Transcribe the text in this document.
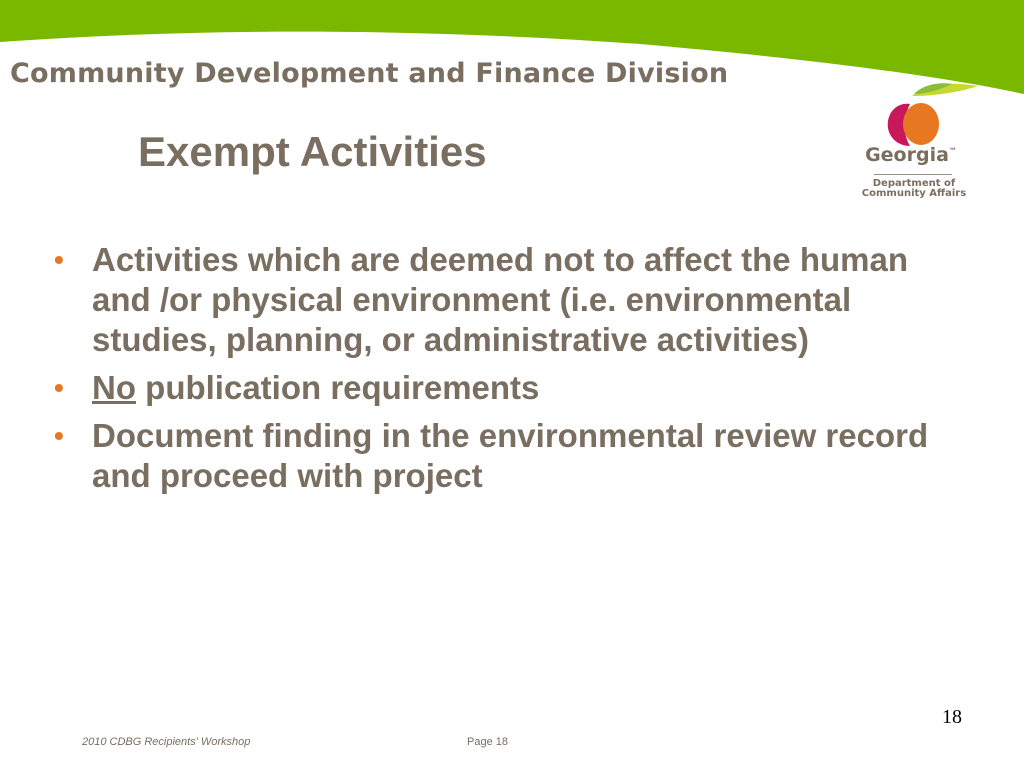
Community Development and Finance Division
Exempt Activities	Georgia™
Department of
Community Affairs
• Activities which are deemed not to affect the human and /or physical environment (i.e. environmental studies, planning, or administrative activities)
• No publication requirements
• Document finding in the environmental review record and proceed with project
18
2010 CDBG Recipients' Workshop	Page 18
